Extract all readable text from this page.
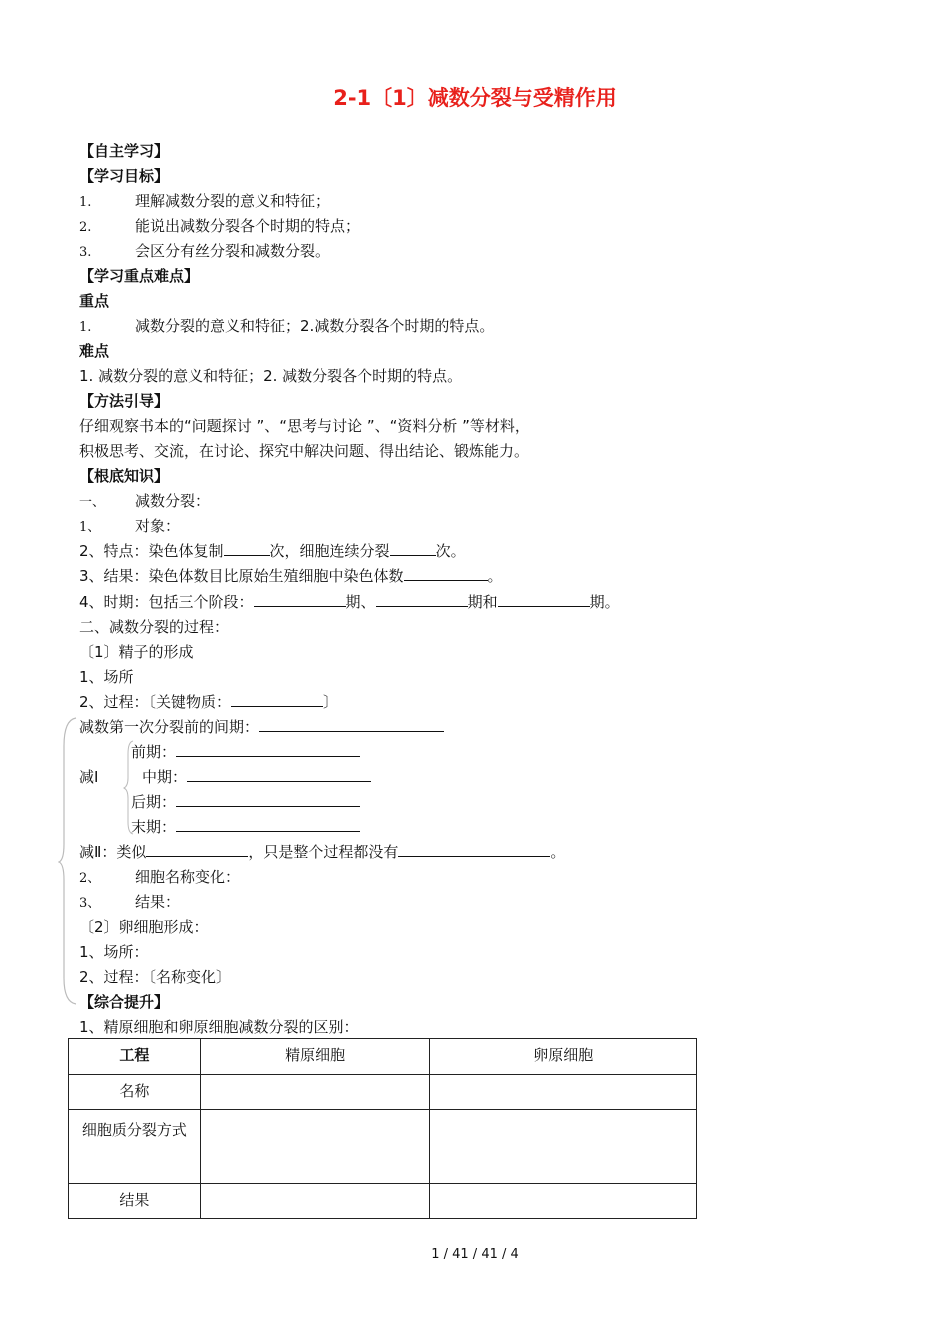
2-1〔1〕减数分裂与受精作用
【自主学习】
【学习目标】
1.	理解减数分裂的意义和特征；
2.	能说出减数分裂各个时期的特点；
3.	会区分有丝分裂和减数分裂。
【学习重点难点】
重点
1.	减数分裂的意义和特征；2.减数分裂各个时期的特点。
难点
1. 减数分裂的意义和特征；2. 减数分裂各个时期的特点。
【方法引导】
仔细观察书本的“问题探讨 ”、“思考与讨论 ”、“资料分析 ”等材料，
积极思考、交流，在讨论、探究中解决问题、得出结论、锻炼能力。
【根底知识】
一、 减数分裂：
1、 对象：
2、特点：染色体复制	次，细胞连续分裂	次。
3、结果：染色体数目比原始生殖细胞中染色体数	。
4、时期：包括三个阶段：	期、	期和	期。
二、减数分裂的过程：
〔1〕精子的形成
1、场所
2、过程：〔关键物质：	〕
减数第一次分裂前的间期：
前期：
减Ⅰ	中期：
后期：
末期：
减Ⅱ：类似	，只是整个过程都没有	。
2、 细胞名称变化：
3、 结果：
〔2〕卵细胞形成：
1、场所：
2、过程：〔名称变化〕
【综合提升】
1、精原细胞和卵原细胞减数分裂的区别：
工程	精原细胞	卵原细胞
名称		
细胞质分裂方式		
结果		
1 / 41 / 41 / 4
